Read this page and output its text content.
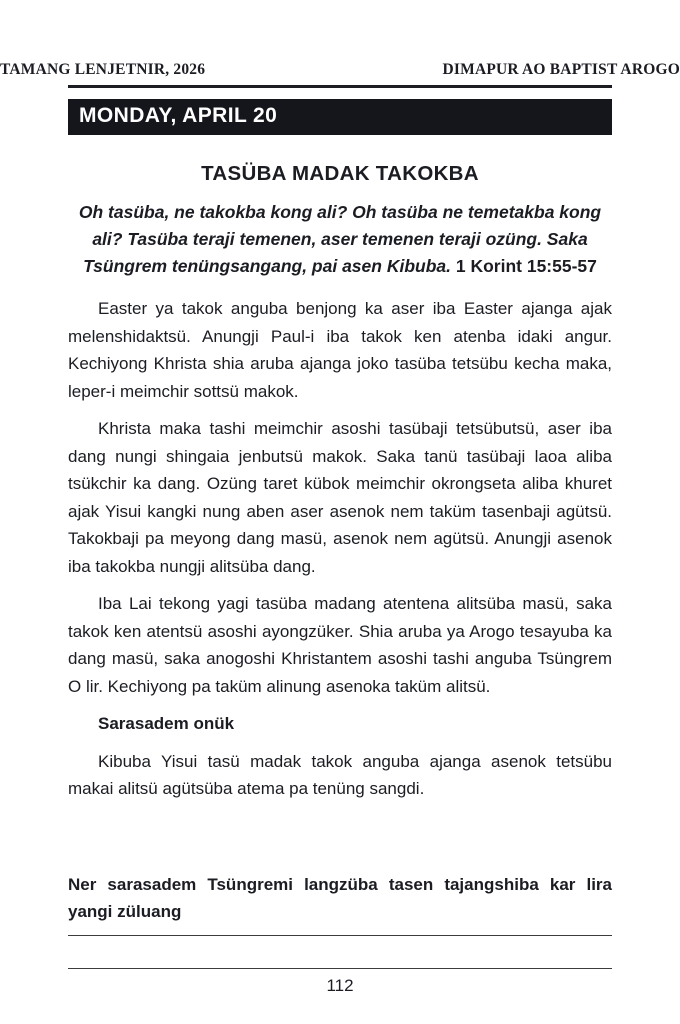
TAMANG LENJETNIR, 2026	DIMAPUR AO BAPTIST AROGO
MONDAY, APRIL 20
TASÜBA MADAK TAKOKBA
Oh tasüba, ne takokba kong ali? Oh tasüba ne temetakba kong ali? Tasüba teraji temenen, aser temenen teraji ozüng. Saka Tsüngrem tenüngsangang, pai asen Kibuba. 1 Korint 15:55-57

Easter ya takok anguba benjong ka aser iba Easter ajanga ajak melenshidaktsü. Anungji Paul-i iba takok ken atenba idaki angur. Kechiyong Khrista shia aruba ajanga joko tasüba tetsübu kecha maka, leper-i meimchir sottsü makok.

Khrista maka tashi meimchir asoshi tasübaji tetsübutsü, aser iba dang nungi shingaia jenbutsü makok. Saka tanü tasübaji laoa aliba tsükchir ka dang. Ozüng taret kübok meimchir okrongseta aliba khuret ajak Yisui kangki nung aben aser asenok nem taküm tasenbaji agütsü. Takokbaji pa meyong dang masü, asenok nem agütsü. Anungji asenok iba takokba nungji alitsüba dang.

Iba Lai tekong yagi tasüba madang atentena alitsüba masü, saka takok ken atentsü asoshi ayongzüker. Shia aruba ya Arogo tesayuba ka dang masü, saka anogoshi Khristantem asoshi tashi anguba Tsüngrem O lir. Kechiyong pa taküm alinung asenoka taküm alitsü.

Sarasadem onük

Kibuba Yisui tasü madak takok anguba ajanga asenok tetsübu makai alitsü agütsüba atema pa tenüng sangdi.

Ner sarasadem Tsüngremi langzüba tasen tajangshiba kar lira yangi züluang
112
